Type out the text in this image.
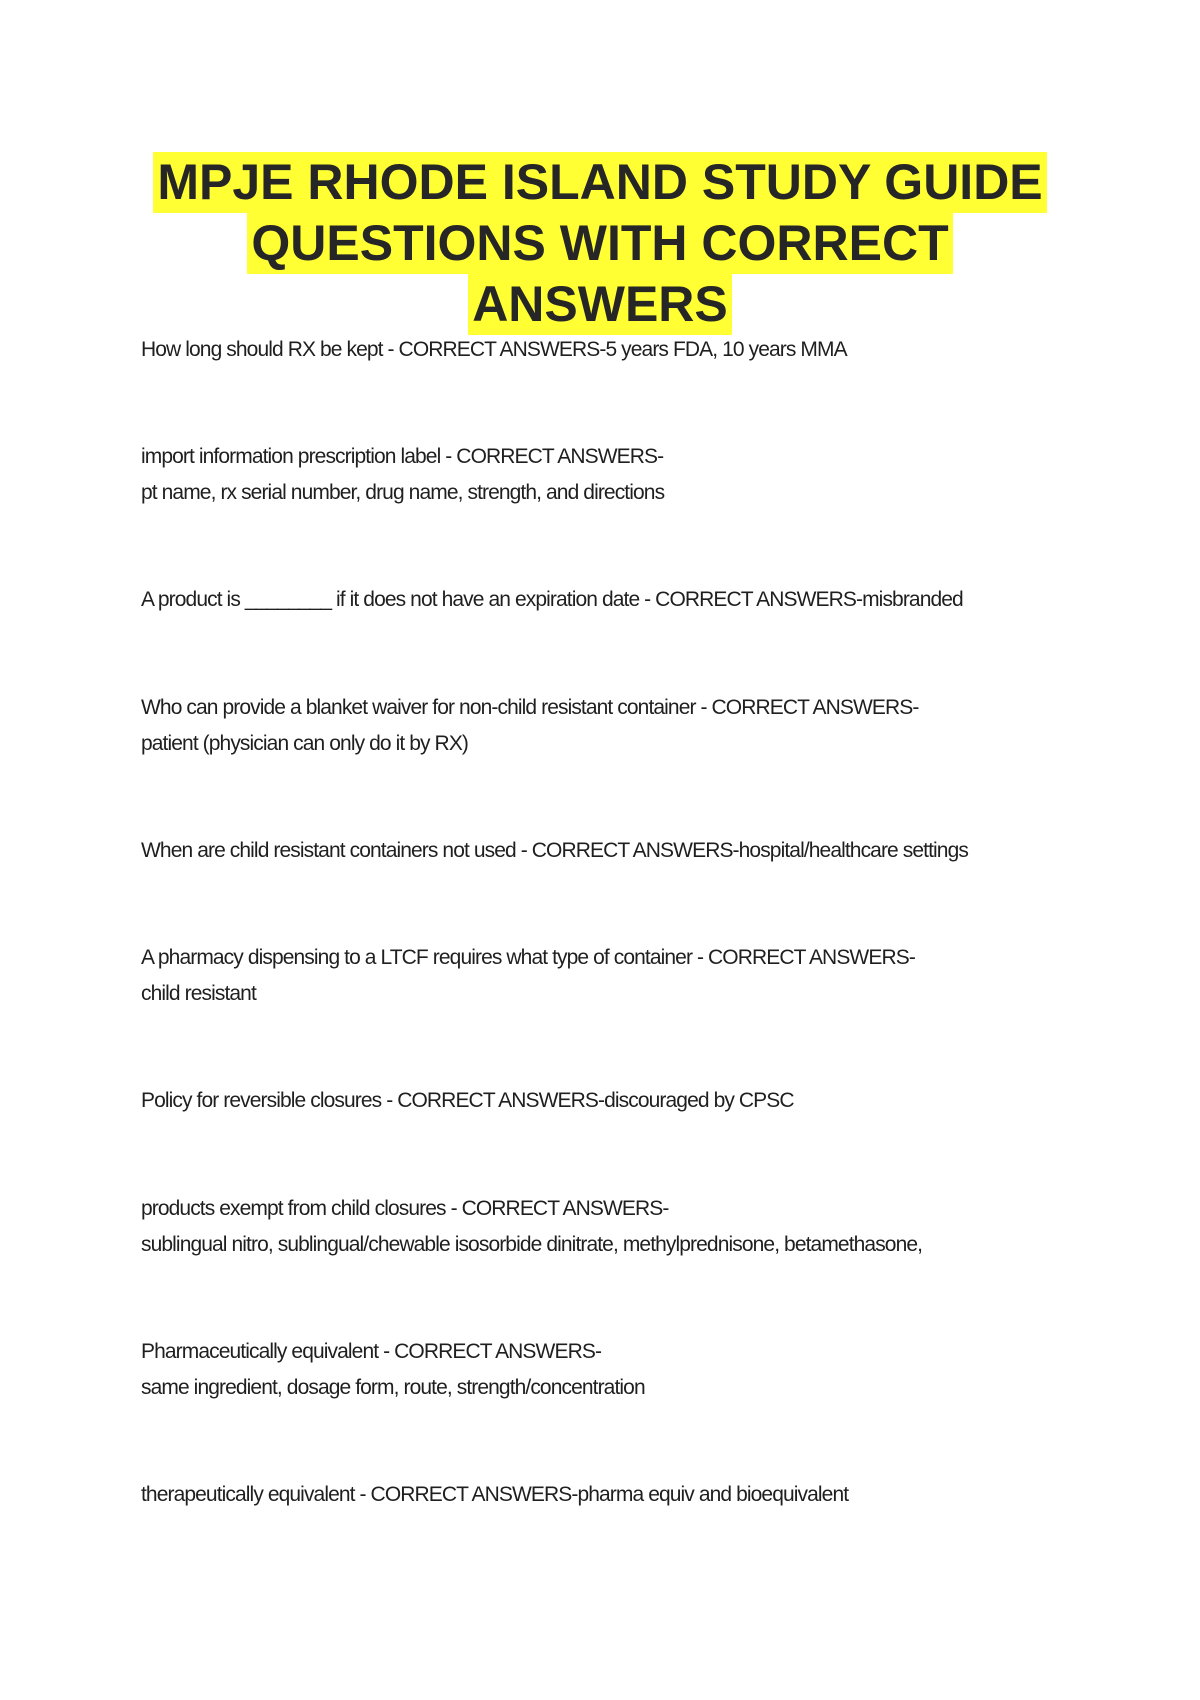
MPJE RHODE ISLAND STUDY GUIDE
QUESTIONS WITH CORRECT
ANSWERS
How long should RX be kept - CORRECT ANSWERS-5 years FDA, 10 years MMA
import information prescription label - CORRECT ANSWERS-
pt name, rx serial number, drug name, strength, and directions
A product is ________ if it does not have an expiration date - CORRECT ANSWERS-misbranded
Who can provide a blanket waiver for non-child resistant container - CORRECT ANSWERS-
patient (physician can only do it by RX)
When are child resistant containers not used - CORRECT ANSWERS-hospital/healthcare settings
A pharmacy dispensing to a LTCF requires what type of container - CORRECT ANSWERS-
child resistant
Policy for reversible closures - CORRECT ANSWERS-discouraged by CPSC
products exempt from child closures - CORRECT ANSWERS-
sublingual nitro, sublingual/chewable isosorbide dinitrate, methylprednisone, betamethasone,
Pharmaceutically equivalent - CORRECT ANSWERS-
same ingredient, dosage form, route, strength/concentration
therapeutically equivalent - CORRECT ANSWERS-pharma equiv and bioequivalent
